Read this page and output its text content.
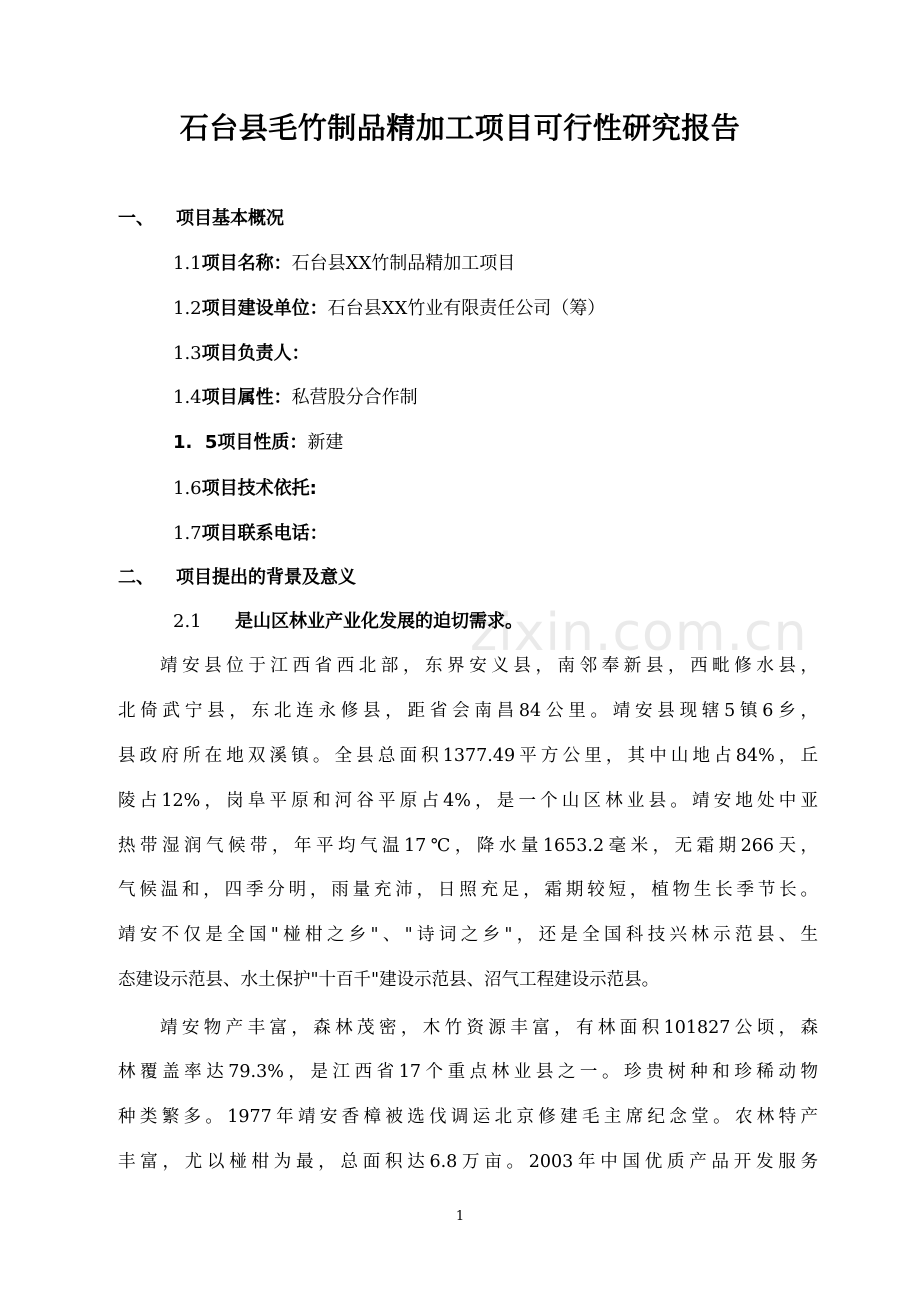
zixin.com.cn
石台县毛竹制品精加工项目可行性研究报告
一、 项目基本概况
1.1项目名称：石台县XX竹制品精加工项目
1.2项目建设单位：石台县XX竹业有限责任公司（筹）
1.3项目负责人：
1.4项目属性：私营股分合作制
1.  5项目性质：新建
1.6项目技术依托:
1.7项目联系电话：
二、 项目提出的背景及意义
2.1 是山区林业产业化发展的迫切需求。
靖安县位于江西省西北部，东界安义县，南邻奉新县，西毗修水县，
北倚武宁县，东北连永修县，距省会南昌84公里。靖安县现辖5镇6乡，
县政府所在地双溪镇。全县总面积1377.49平方公里，其中山地占84%，丘
陵占12%，岗阜平原和河谷平原占4%，是一个山区林业县。靖安地处中亚
热带湿润气候带，年平均气温17℃，降水量1653.2毫米，无霜期266天，
气候温和，四季分明，雨量充沛，日照充足，霜期较短，植物生长季节长。
靖安不仅是全国"椪柑之乡"、"诗词之乡"，还是全国科技兴林示范县、生
态建设示范县、水土保护"十百千"建设示范县、沼气工程建设示范县。
靖安物产丰富，森林茂密，木竹资源丰富，有林面积101827公顷，森
林覆盖率达79.3%，是江西省17个重点林业县之一。珍贵树种和珍稀动物
种类繁多。1977年靖安香樟被选伐调运北京修建毛主席纪念堂。农林特产
丰富，尤以椪柑为最，总面积达6.8万亩。2003年中国优质产品开发服务
1
